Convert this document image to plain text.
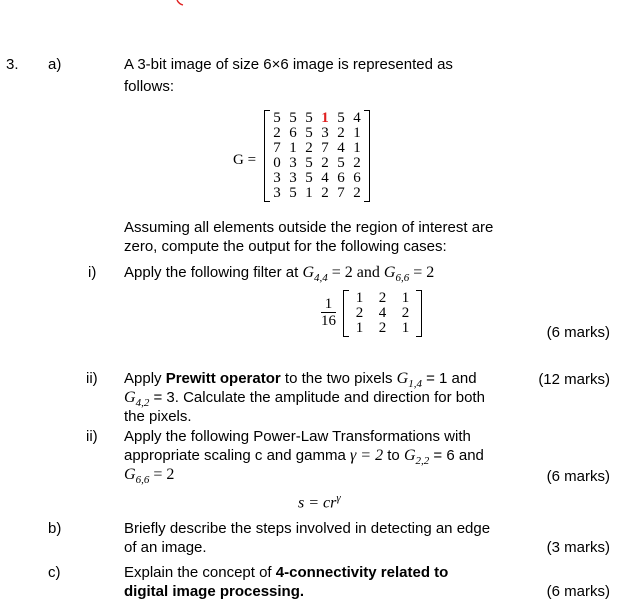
3. a)	A 3-bit image of size 6×6 image is represented as
follows:
G =
5	5	5	1	5	4
2	6	5	3	2	1
7	1	2	7	4	1
0	3	5	2	5	2
3	3	5	4	6	6
3	5	1	2	7	2
Assuming all elements outside the region of interest are
zero, compute the output for the following cases:
i) Apply the following filter at $G_{4,4} = 2$ and $G_{6,6} = 2$
$\frac{1}{16} 1$	2	1
2	4	2
1	2	1	(6 marks)
ii) Apply Prewitt operator to the two pixels $G_{1,4} = 1$ and	(12 marks)
$G_{4,2} = 3$. Calculate the amplitude and direction for both
the pixels.
ii) Apply the following Power-Law Transformations with
appropriate scaling c and gamma γ = 2 to $G_{2,2} = 6$ and
$G_{6,6} = 2$	(6 marks)
$s = cr^\gamma$
b)	Briefly describe the steps involved in detecting an edge
of an image.	(3 marks)
c)	Explain the concept of 4-connectivity related to
digital image processing.	(6 marks)
